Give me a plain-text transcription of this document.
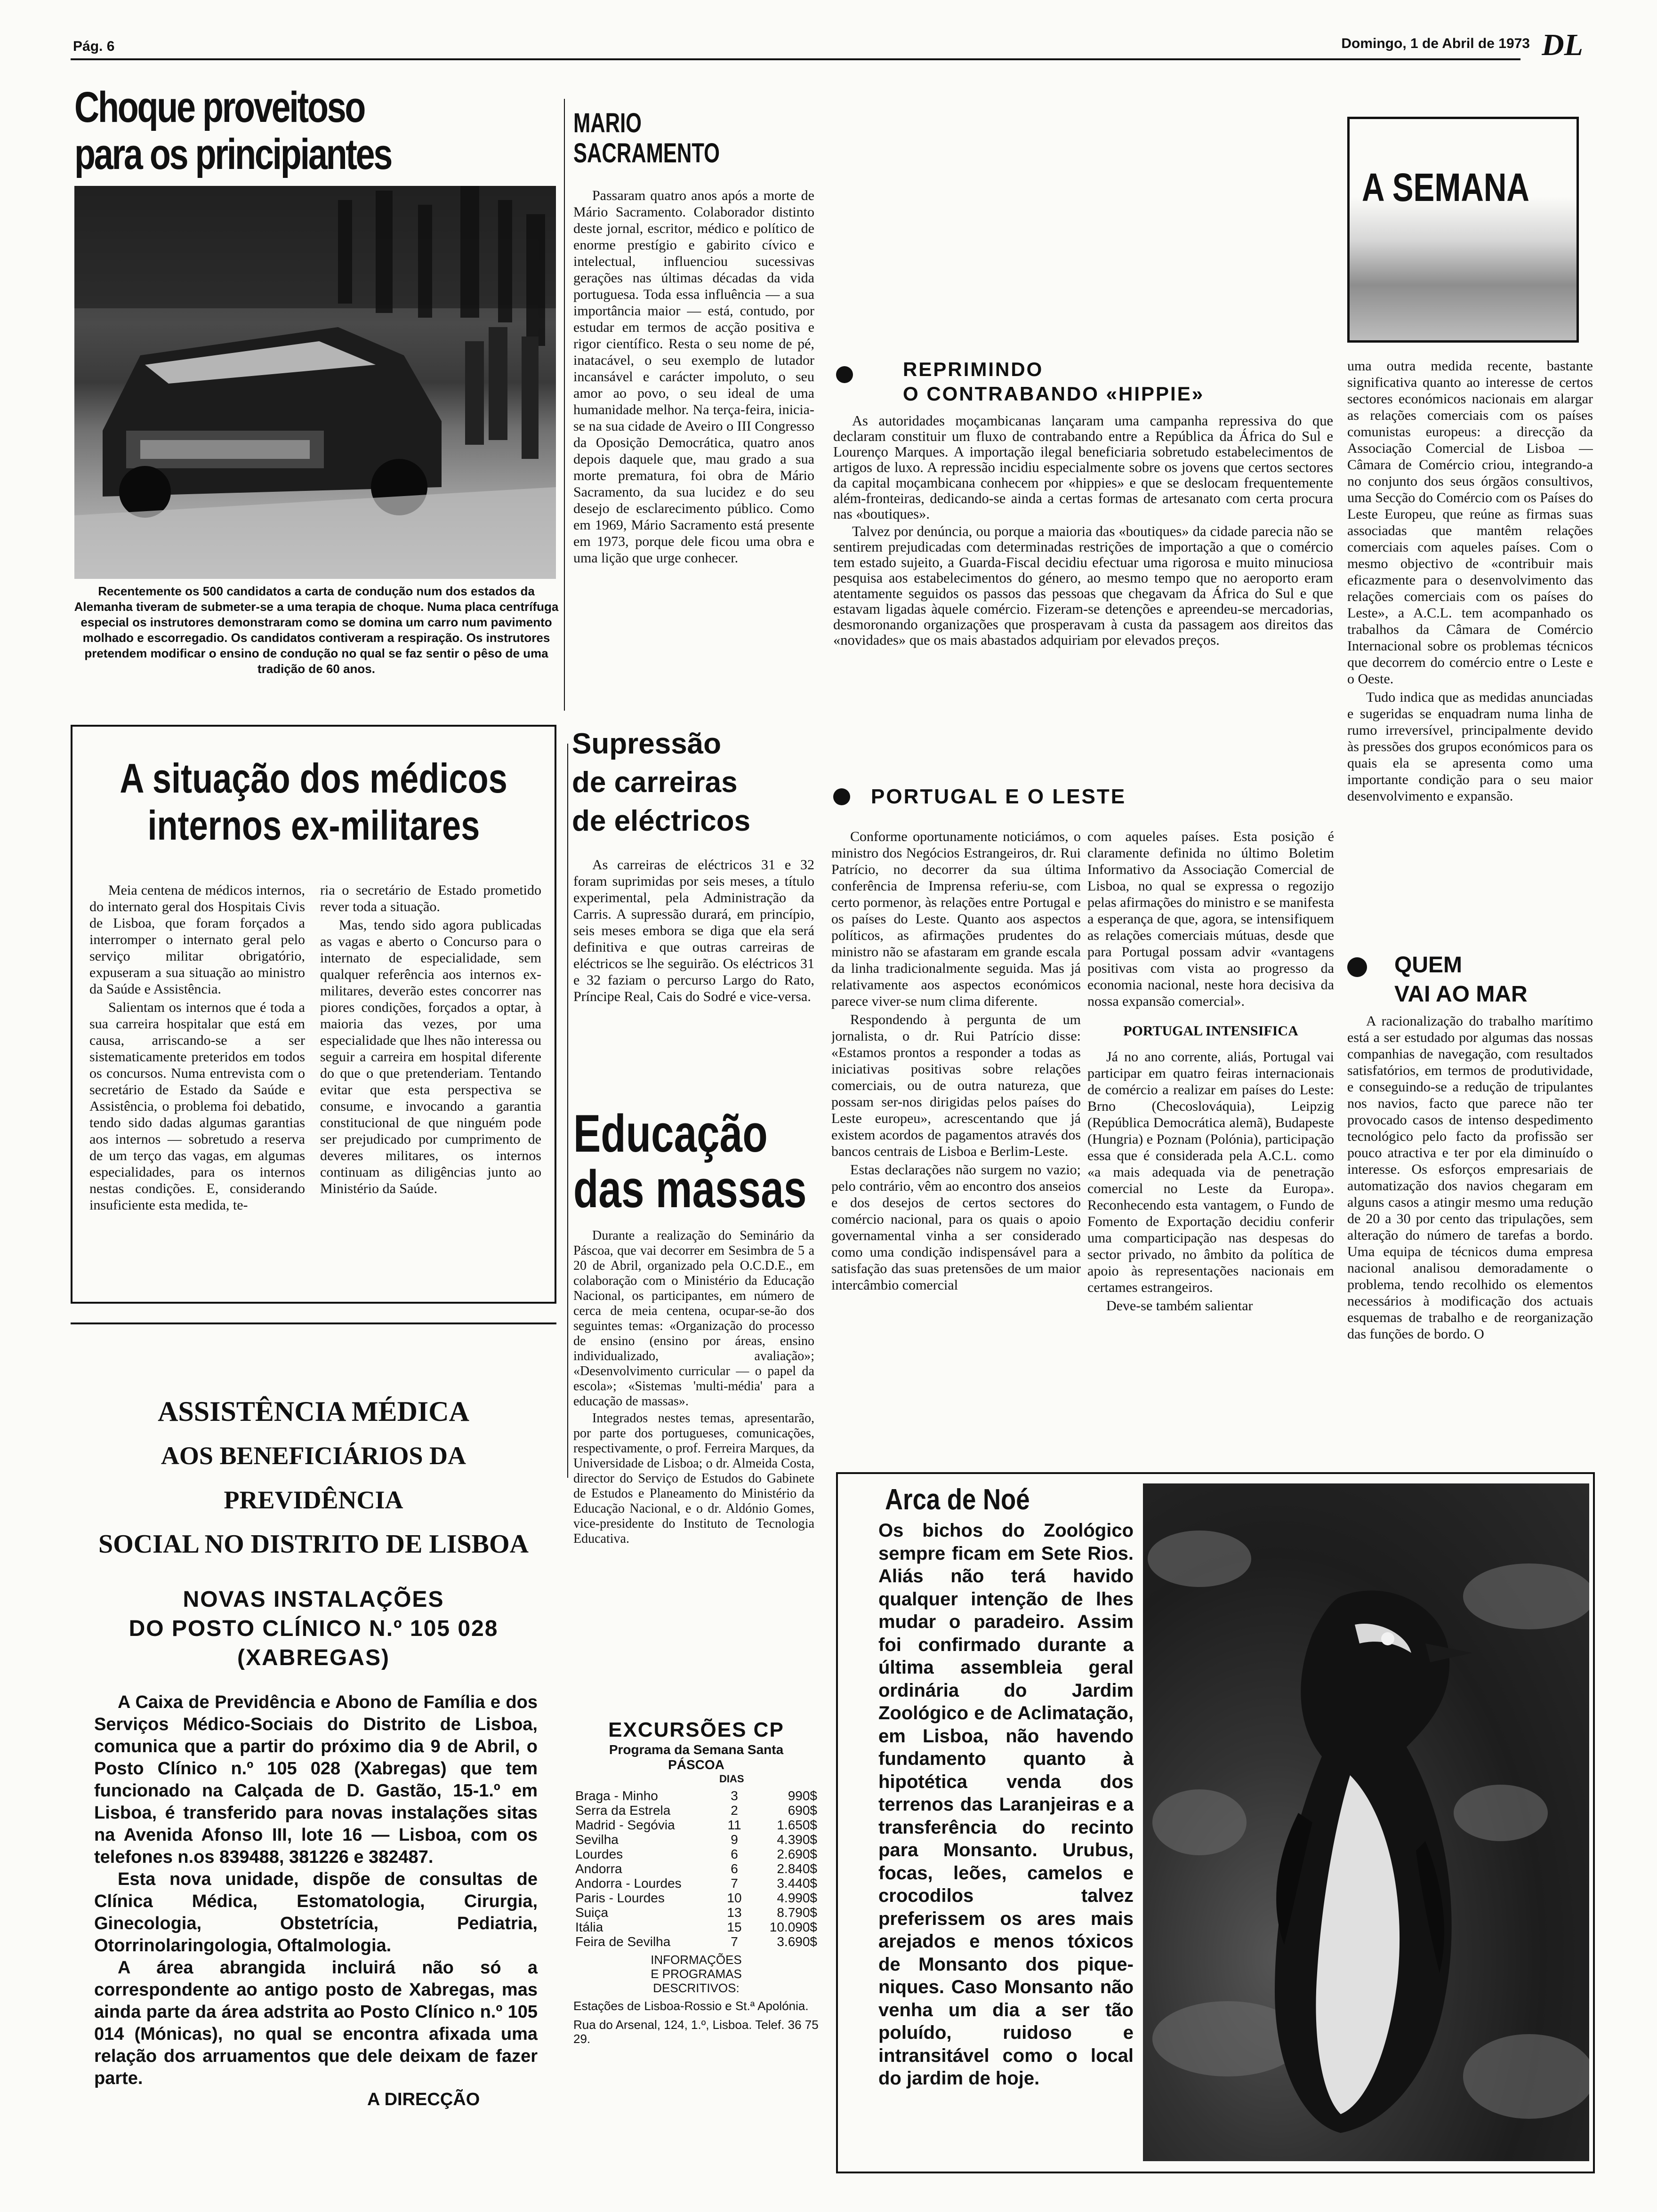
Pág. 6	Domingo, 1 de Abril de 1973 DL
Choque proveitoso
para os principiantes
Recentemente os 500 candidatos a carta de condução num dos estados da Alemanha tiveram de submeter-se a uma terapia de choque. Numa placa centrífuga especial os instrutores demonstraram como se domina um carro num pavimento molhado e escorregadio. Os candidatos contiveram a respiração. Os instrutores pretendem modificar o ensino de condução no qual se faz sentir o pêso de uma tradição de 60 anos.
MARIO
SACRAMENTO

Passaram quatro anos após a morte de Mário Sacramento. Colaborador distinto deste jornal, escritor, médico e político de enorme prestígio e gabirito cívico e intelectual, influenciou sucessivas gerações nas últimas décadas da vida portuguesa. Toda essa influência — a sua importância maior — está, contudo, por estudar em termos de acção positiva e rigor científico. Resta o seu nome de pé, inatacável, o seu exemplo de lutador incansável e carácter impoluto, o seu amor ao povo, o seu ideal de uma humanidade melhor. Na terça-feira, inicia-se na sua cidade de Aveiro o III Congresso da Oposição Democrática, quatro anos depois daquele que, mau grado a sua morte prematura, foi obra de Mário Sacramento, da sua lucidez e do seu desejo de esclarecimento público. Como em 1969, Mário Sacramento está presente em 1973, porque dele ficou uma obra e uma lição que urge conhecer.

A SEMANA

uma outra medida recente, bastante significativa quanto ao interesse de certos sectores económicos nacionais em alargar as relações comerciais com os países comunistas europeus: a direcção da Associação Comercial de Lisboa — Câmara de Comércio criou, integrando-a no conjunto dos seus órgãos consultivos, uma Secção do Comércio com os Países do Leste Europeu, que reúne as firmas suas associadas que mantêm relações comerciais com aqueles países. Com o mesmo objectivo de «contribuir mais eficazmente para o desenvolvimento das relações comerciais com os países do Leste», a A.C.L. tem acompanhado os trabalhos da Câmara de Comércio Internacional sobre os problemas técnicos que decorrem do comércio entre o Leste e o Oeste.

Tudo indica que as medidas anunciadas e sugeridas se enquadram numa linha de rumo irreversível, principalmente devido às pressões dos grupos económicos para os quais ela se apresenta como uma importante condição para o seu maior desenvolvimento e expansão.

REPRIMINDO
O CONTRABANDO «HIPPIE»

As autoridades moçambicanas lançaram uma campanha repressiva do que declaram constituir um fluxo de contrabando entre a República da África do Sul e Lourenço Marques. A importação ilegal beneficiaria sobretudo estabelecimentos de artigos de luxo. A repressão incidiu especialmente sobre os jovens que certos sectores da capital moçambicana conhecem por «hippies» e que se deslocam frequentemente além-fronteiras, dedicando-se ainda a certas formas de artesanato com certa procura nas «boutiques».

Talvez por denúncia, ou porque a maioria das «boutiques» da cidade parecia não se sentirem prejudicadas com determinadas restrições de importação a que o comércio tem estado sujeito, a Guarda-Fiscal decidiu efectuar uma rigorosa e muito minuciosa pesquisa aos estabelecimentos do género, ao mesmo tempo que no aeroporto eram atentamente seguidos os passos das pessoas que chegavam da África do Sul e que estavam ligadas àquele comércio. Fizeram-se detenções e apreendeu-se mercadorias, desmoronando organizações que prosperavam à custa da passagem aos direitos das «novidades» que os mais abastados adquiriam por elevados preços.

PORTUGAL E O LESTE

Conforme oportunamente noticiámos, o ministro dos Negócios Estrangeiros, dr. Rui Patrício, no decorrer da sua última conferência de Imprensa referiu-se, com certo pormenor, às relações entre Portugal e os países do Leste. Quanto aos aspectos políticos, as afirmações prudentes do ministro não se afastaram em grande escala da linha tradicionalmente seguida. Mas já relativamente aos aspectos económicos parece viver-se num clima diferente.

Respondendo à pergunta de um jornalista, o dr. Rui Patrício disse: «Estamos prontos a responder a todas as iniciativas positivas sobre relações comerciais, ou de outra natureza, que possam ser-nos dirigidas pelos países do Leste europeu», acrescentando que já existem acordos de pagamentos através dos bancos centrais de Lisboa e Berlim-Leste.

Estas declarações não surgem no vazio; pelo contrário, vêm ao encontro dos anseios e dos desejos de certos sectores do comércio nacional, para os quais o apoio governamental vinha a ser considerado como uma condição indispensável para a satisfação das suas pretensões de um maior intercâmbio comercial

com aqueles países. Esta posição é claramente definida no último Boletim Informativo da Associação Comercial de Lisboa, no qual se expressa o regozijo pelas afirmações do ministro e se manifesta a esperança de que, agora, se intensifiquem as relações comerciais mútuas, desde que para Portugal possam advir «vantagens positivas com vista ao progresso da economia nacional, neste hora decisiva da nossa expansão comercial».

PORTUGAL INTENSIFICA

Já no ano corrente, aliás, Portugal vai participar em quatro feiras internacionais de comércio a realizar em países do Leste: Brno (Checoslováquia), Leipzig (República Democrática alemã), Budapeste (Hungria) e Poznam (Polónia), participação essa que é considerada pela A.C.L. como «a mais adequada via de penetração comercial no Leste da Europa». Reconhecendo esta vantagem, o Fundo de Fomento de Exportação decidiu conferir uma comparticipação nas despesas do sector privado, no âmbito da política de apoio às representações nacionais em certames estrangeiros.

Deve-se também salientar

A situação dos médicos
internos ex-militares

Meia centena de médicos internos, do internato geral dos Hospitais Civis de Lisboa, que foram forçados a interromper o internato geral pelo serviço militar obrigatório, expuseram a sua situação ao ministro da Saúde e Assistência.

Salientam os internos que é toda a sua carreira hospitalar que está em causa, arriscando-se a ser sistematicamente preteridos em todos os concursos. Numa entrevista com o secretário de Estado da Saúde e Assistência, o problema foi debatido, tendo sido dadas algumas garantias aos internos — sobretudo a reserva de um terço das vagas, em algumas especialidades, para os internos nestas condições. E, considerando insuficiente esta medida, te-

ria o secretário de Estado prometido rever toda a situação.

Mas, tendo sido agora publicadas as vagas e aberto o Concurso para o internato de especialidade, sem qualquer referência aos internos ex-militares, deverão estes concorrer nas piores condições, forçados a optar, à maioria das vezes, por uma especialidade que lhes não interessa ou seguir a carreira em hospital diferente do que o que pretenderiam. Tentando evitar que esta perspectiva se consume, e invocando a garantia constitucional de que ninguém pode ser prejudicado por cumprimento de deveres militares, os internos continuam as diligências junto ao Ministério da Saúde.

Supressão
de carreiras
de eléctricos

As carreiras de eléctricos 31 e 32 foram suprimidas por seis meses, a título experimental, pela Administração da Carris. A supressão durará, em princípio, seis meses embora se diga que ela será definitiva e que outras carreiras de eléctricos se lhe seguirão. Os eléctricos 31 e 32 faziam o percurso Largo do Rato, Príncipe Real, Cais do Sodré e vice-versa.

Educação
das massas

Durante a realização do Seminário da Páscoa, que vai decorrer em Sesimbra de 5 a 20 de Abril, organizado pela O.C.D.E., em colaboração com o Ministério da Educação Nacional, os participantes, em número de cerca de meia centena, ocupar-se-ão dos seguintes temas: «Organização do processo de ensino (ensino por áreas, ensino individualizado, avaliação»; «Desenvolvimento curricular — o papel da escola»; «Sistemas 'multi-média' para a educação de massas».

Integrados nestes temas, apresentarão, por parte dos portugueses, comunicações, respectivamente, o prof. Ferreira Marques, da Universidade de Lisboa; o dr. Almeida Costa, director do Serviço de Estudos do Gabinete de Estudos e Planeamento do Ministério da Educação Nacional, e o dr. Aldónio Gomes, vice-presidente do Instituto de Tecnologia Educativa.

EXCURSÕES CP
Programa da Semana Santa
PÁSCOA
DIAS
Braga - Minho	3	990$
Serra da Estrela	2	690$
Madrid - Segóvia	11	1.650$
Sevilha	9	4.390$
Lourdes	6	2.690$
Andorra	6	2.840$
Andorra - Lourdes	7	3.440$
Paris - Lourdes	10	4.990$
Suiça	13	8.790$
Itália	15	10.090$
Feira de Sevilha	7	3.690$
INFORMAÇÕES
E PROGRAMAS
DESCRITIVOS:
Estações de Lisboa-Rossio e St.ª Apolónia.
Rua do Arsenal, 124, 1.º, Lisboa. Telef. 36 75 29.
ASSISTÊNCIA MÉDICA
AOS BENEFICIÁRIOS DA PREVIDÊNCIA
SOCIAL NO DISTRITO DE LISBOA
NOVAS INSTALAÇÕES
DO POSTO CLÍNICO N.º 105 028
(XABREGAS)

A Caixa de Previdência e Abono de Família e dos Serviços Médico-Sociais do Distrito de Lisboa, comunica que a partir do próximo dia 9 de Abril, o Posto Clínico n.º 105 028 (Xabregas) que tem funcionado na Calçada de D. Gastão, 15-1.º em Lisboa, é transferido para novas instalações sitas na Avenida Afonso III, lote 16 — Lisboa, com os telefones n.os 839488, 381226 e 382487.

Esta nova unidade, dispõe de consultas de Clínica Médica, Estomatologia, Cirurgia, Ginecologia, Obstetrícia, Pediatria, Otorrinolaringologia, Oftalmologia.

A área abrangida incluirá não só a correspondente ao antigo posto de Xabregas, mas ainda parte da área adstrita ao Posto Clínico n.º 105 014 (Mónicas), no qual se encontra afixada uma relação dos arruamentos que dele deixam de fazer parte.

A DIRECÇÃO
QUEM
VAI AO MAR

A racionalização do trabalho marítimo está a ser estudado por algumas das nossas companhias de navegação, com resultados satisfatórios, em termos de produtividade, e conseguindo-se a redução de tripulantes nos navios, facto que parece não ter provocado casos de intenso despedimento tecnológico pelo facto da profissão ser pouco atractiva e ter por ela diminuído o interesse. Os esforços empresariais de automatização dos navios chegaram em alguns casos a atingir mesmo uma redução de 20 a 30 por cento das tripulações, sem alteração do número de tarefas a bordo. Uma equipa de técnicos duma empresa nacional analisou demoradamente o problema, tendo recolhido os elementos necessários à modificação dos actuais esquemas de trabalho e de reorganização das funções de bordo. O

Arca de Noé
Os bichos do Zoológico sempre ficam em Sete Rios. Aliás não terá havido qualquer intenção de lhes mudar o paradeiro. Assim foi confirmado durante a última assembleia geral ordinária do Jardim Zoológico e de Aclimatação, em Lisboa, não havendo fundamento quanto à hipotética venda dos terrenos das Laranjeiras e a transferência do recinto para Monsanto. Urubus, focas, leões, camelos e crocodilos talvez preferissem os ares mais arejados e menos tóxicos de Monsanto dos pique-niques. Caso Monsanto não venha um dia a ser tão poluído, ruidoso e intransitável como o local do jardim de hoje.
